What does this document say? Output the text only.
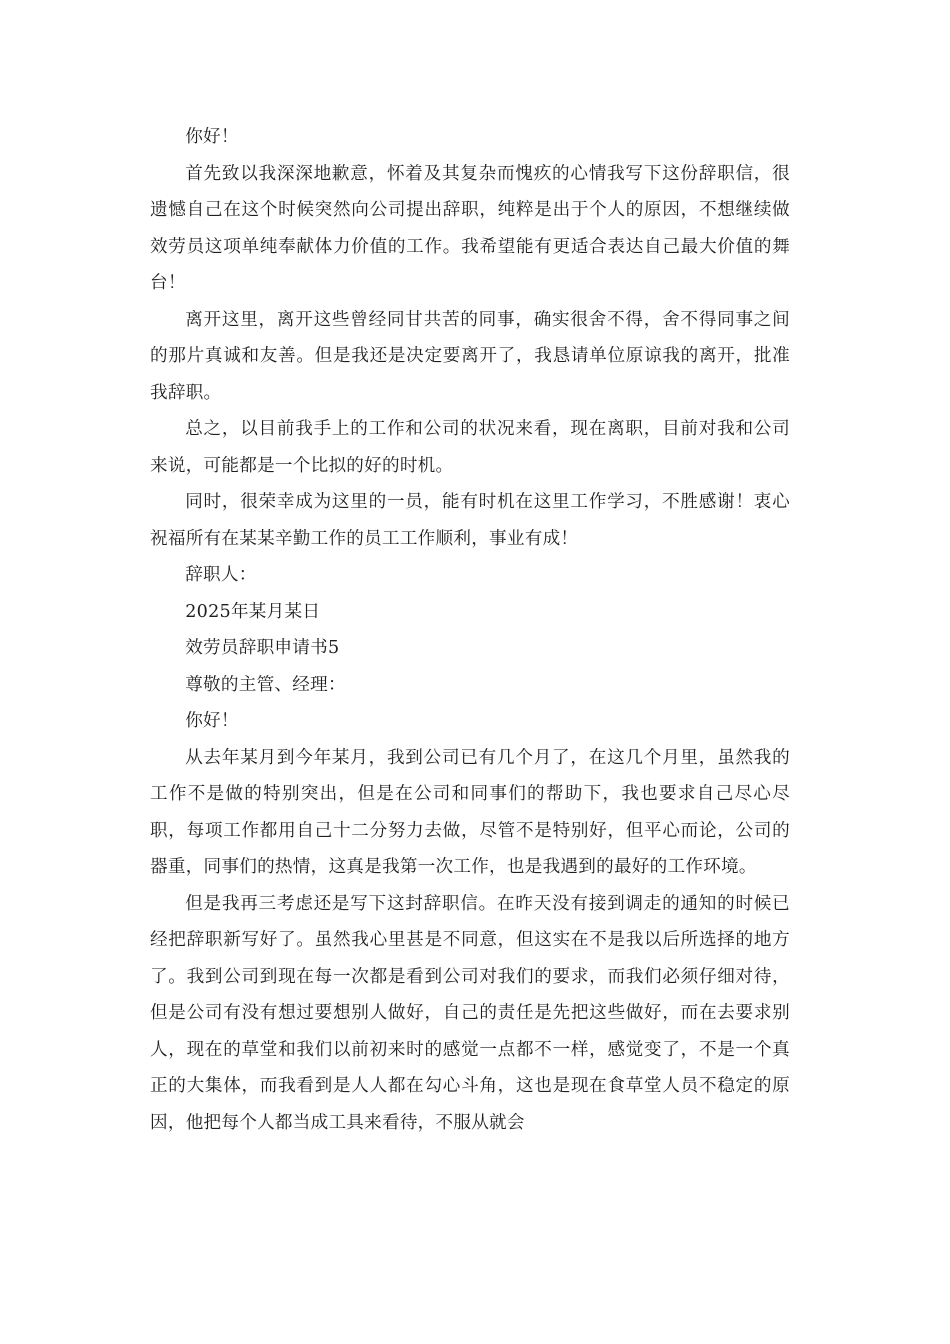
你好！

首先致以我深深地歉意，怀着及其复杂而愧疚的心情我写下这份辞职信，很遗憾自己在这个时候突然向公司提出辞职，纯粹是出于个人的原因，不想继续做效劳员这项单纯奉献体力价值的工作。我希望能有更适合表达自己最大价值的舞台！

离开这里，离开这些曾经同甘共苦的同事，确实很舍不得，舍不得同事之间的那片真诚和友善。但是我还是决定要离开了，我恳请单位原谅我的离开，批准我辞职。

总之，以目前我手上的工作和公司的状况来看，现在离职，目前对我和公司来说，可能都是一个比拟的好的时机。

同时，很荣幸成为这里的一员，能有时机在这里工作学习，不胜感谢！衷心祝福所有在某某辛勤工作的员工工作顺利，事业有成！

辞职人：

2025年某月某日

效劳员辞职申请书5

尊敬的主管、经理：

你好！

从去年某月到今年某月，我到公司已有几个月了，在这几个月里，虽然我的工作不是做的特别突出，但是在公司和同事们的帮助下，我也要求自己尽心尽职，每项工作都用自己十二分努力去做，尽管不是特别好，但平心而论，公司的器重，同事们的热情，这真是我第一次工作，也是我遇到的最好的工作环境。

但是我再三考虑还是写下这封辞职信。在昨天没有接到调走的通知的时候已经把辞职新写好了。虽然我心里甚是不同意，但这实在不是我以后所选择的地方了。我到公司到现在每一次都是看到公司对我们的要求，而我们必须仔细对待，但是公司有没有想过要想别人做好，自己的责任是先把这些做好，而在去要求别人，现在的草堂和我们以前初来时的感觉一点都不一样，感觉变了，不是一个真正的大集体，而我看到是人人都在勾心斗角，这也是现在食草堂人员不稳定的原因，他把每个人都当成工具来看待，不服从就会
